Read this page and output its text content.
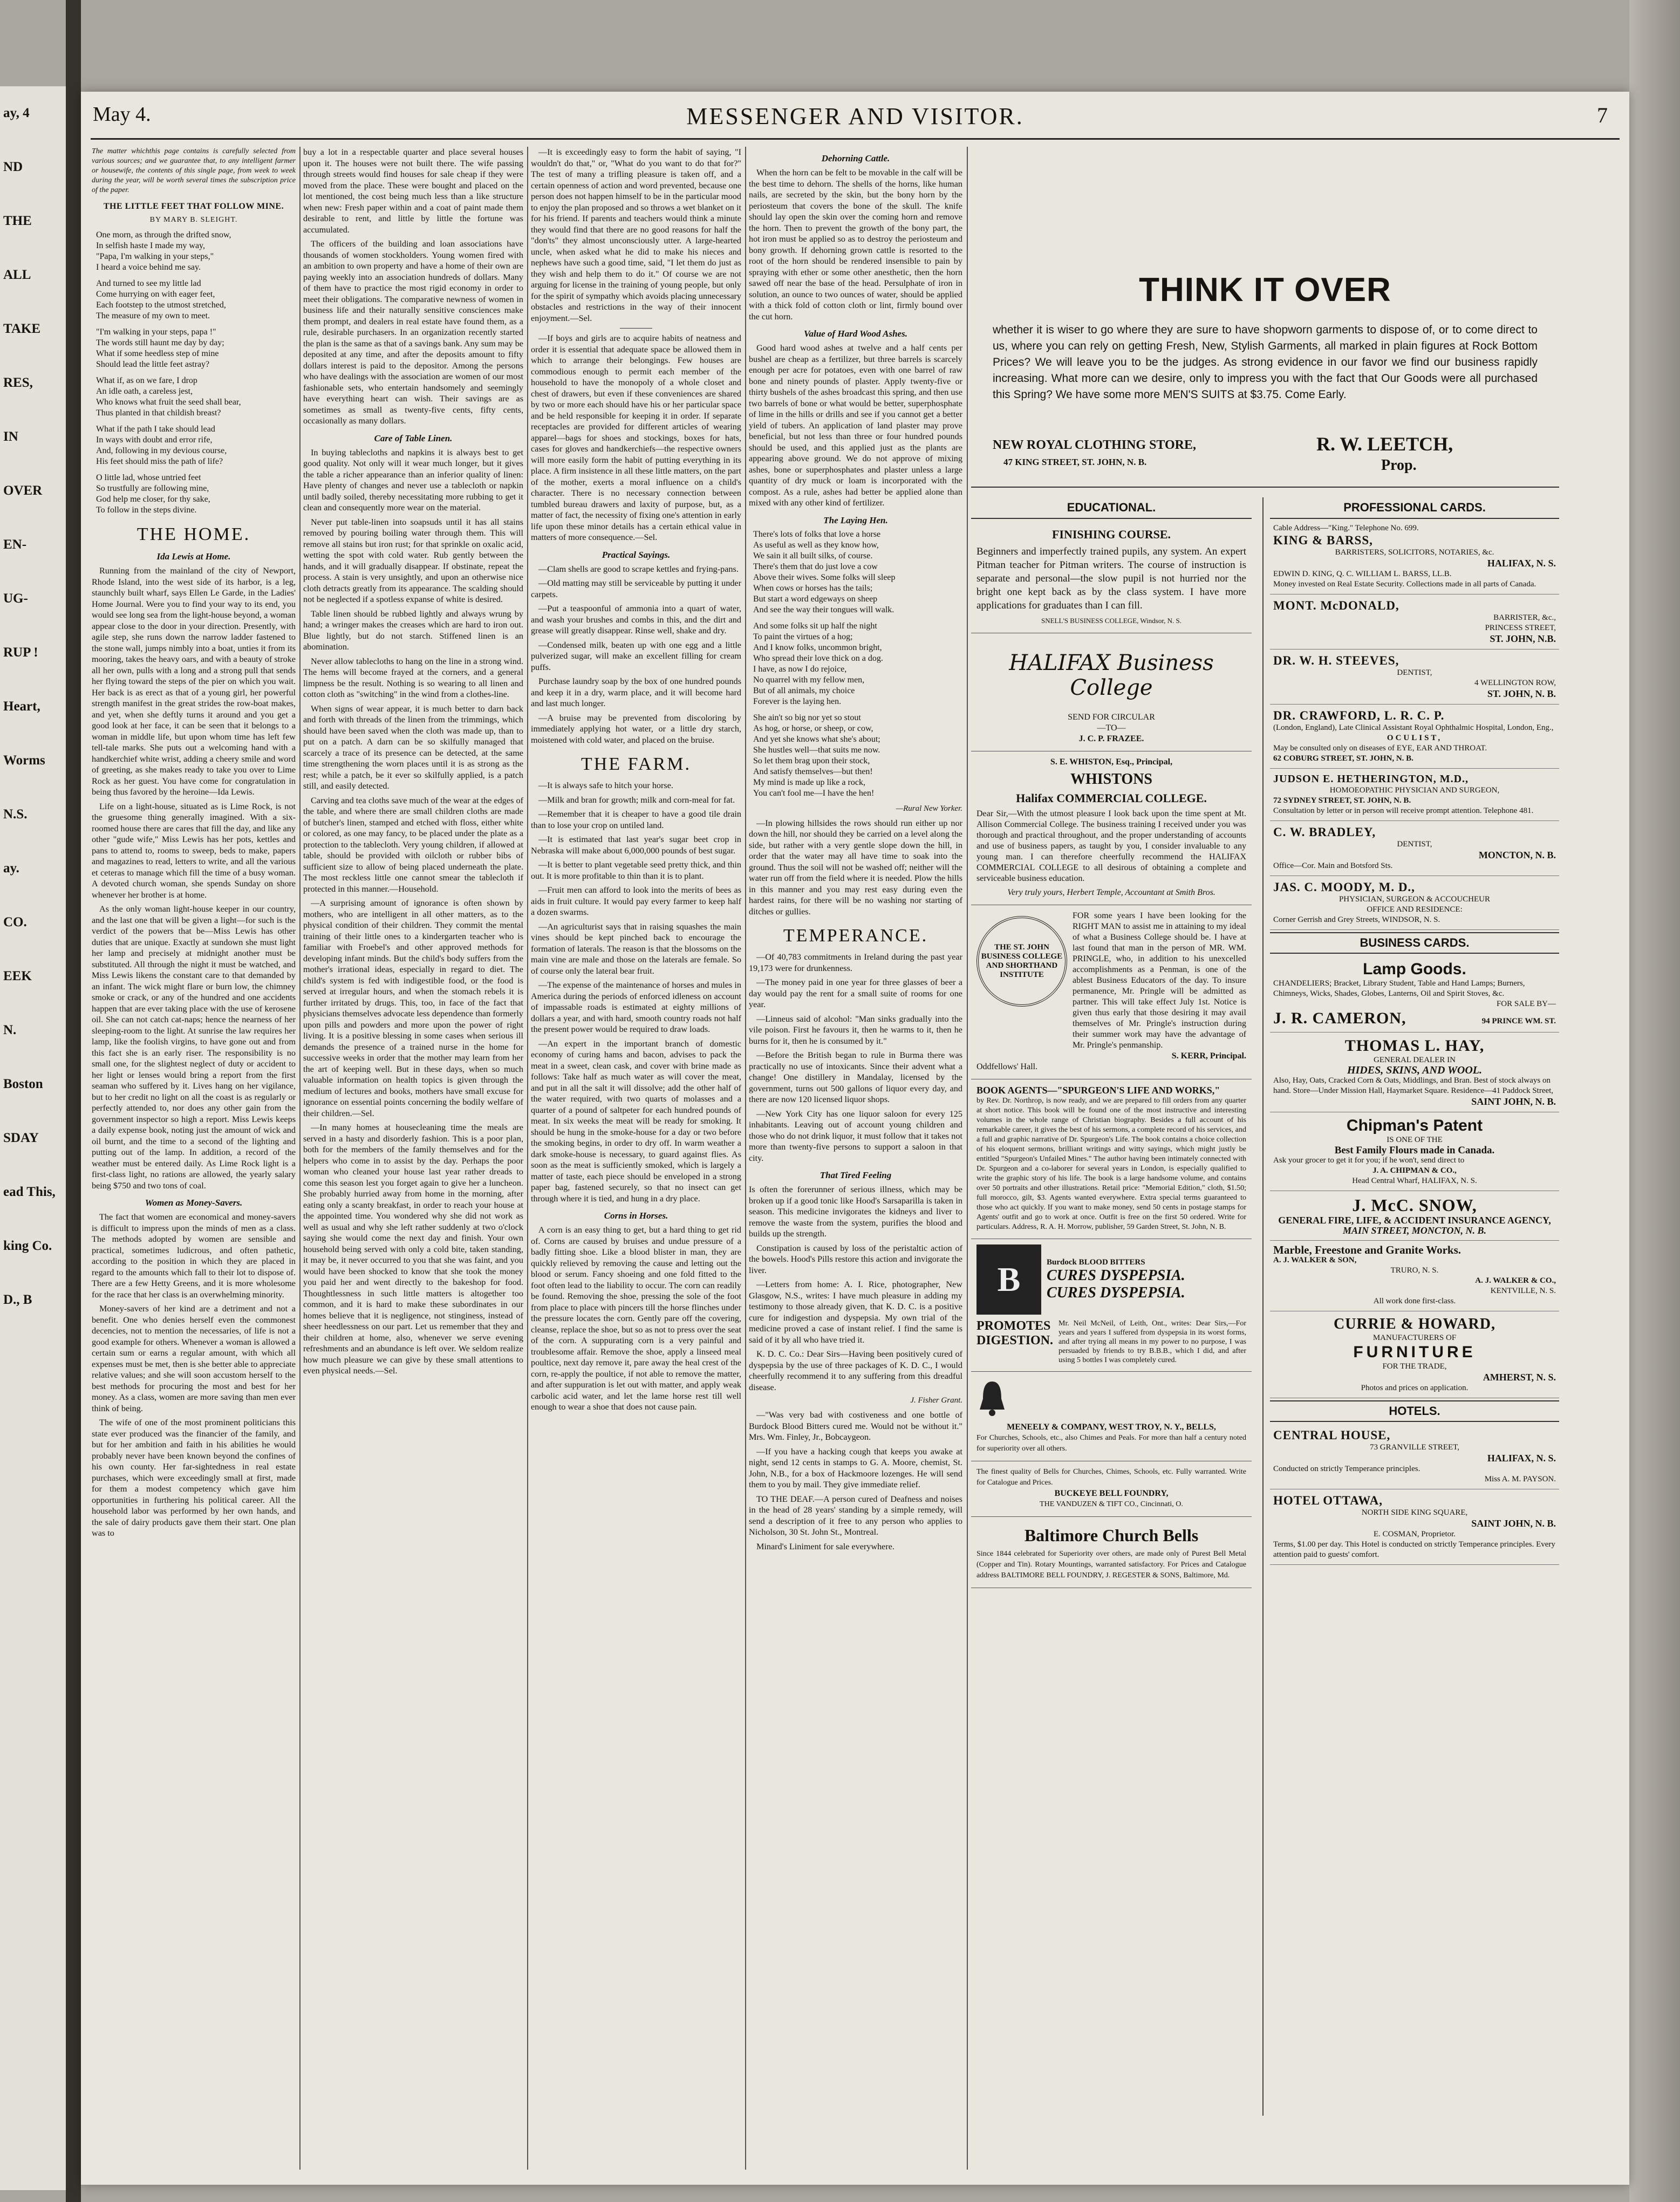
ay, 4
ND
THE
ALL
TAKE
RES,
IN
OVER
EN-
UG-
RUP !
Heart,
Worms
N.S.
ay.
CO.
EEK
N.
Boston
SDAY
ead This,
king Co.
D., B
May 4.	MESSENGER AND VISITOR.	7
The matter whichthis page contains is carefully selected from various sources; and we guarantee that, to any intelligent farmer or housewife, the contents of this single page, from week to week during the year, will be worth several times the subscription price of the paper.
THE LITTLE FEET THAT FOLLOW MINE.
BY MARY B. SLEIGHT.
One morn, as through the drifted snow,
In selfish haste I made my way,
"Papa, I'm walking in your steps,"
I heard a voice behind me say.
And turned to see my little lad
Come hurrying on with eager feet,
Each footstep to the utmost stretched,
The measure of my own to meet.
"I'm walking in your steps, papa !"
The words still haunt me day by day;
What if some heedless step of mine
Should lead the little feet astray?
What if, as on we fare, I drop
An idle oath, a careless jest,
Who knows what fruit the seed shall bear,
Thus planted in that childish breast?
What if the path I take should lead
In ways with doubt and error rife,
And, following in my devious course,
His feet should miss the path of life?
O little lad, whose untried feet
So trustfully are following mine,
God help me closer, for thy sake,
To follow in the steps divine.
THE HOME.
Ida Lewis at Home.

Running from the mainland of the city of Newport, Rhode Island, into the west side of its harbor, is a leg, staunchly built wharf, says Ellen Le Garde, in the Ladies' Home Journal. Were you to find your way to its end, you would see long sea from the light-house beyond, a woman appear close to the door in your direction. Presently, with agile step, she runs down the narrow ladder fastened to the stone wall, jumps nimbly into a boat, unties it from its mooring, takes the heavy oars, and with a beauty of stroke all her own, pulls with a long and a strong pull that sends her flying toward the steps of the pier on which you wait. Her back is as erect as that of a young girl, her powerful strength manifest in the great strides the row-boat makes, and yet, when she deftly turns it around and you get a good look at her face, it can be seen that it belongs to a woman in middle life, but upon whom time has left few tell-tale marks. She puts out a welcoming hand with a handkerchief white wrist, adding a cheery smile and word of greeting, as she makes ready to take you over to Lime Rock as her guest. You have come for congratulation in being thus favored by the heroine—Ida Lewis.

Life on a light-house, situated as is Lime Rock, is not the gruesome thing generally imagined. With a six-roomed house there are cares that fill the day, and like any other "gude wife," Miss Lewis has her pots, kettles and pans to attend to, rooms to sweep, beds to make, papers and magazines to read, letters to write, and all the various et ceteras to manage which fill the time of a busy woman. A devoted church woman, she spends Sunday on shore whenever her brother is at home.

As the only woman light-house keeper in our country, and the last one that will be given a light—for such is the verdict of the powers that be—Miss Lewis has other duties that are unique. Exactly at sundown she must light her lamp and precisely at midnight another must be substituted. All through the night it must be watched, and Miss Lewis likens the constant care to that demanded by an infant. The wick might flare or burn low, the chimney smoke or crack, or any of the hundred and one accidents happen that are ever taking place with the use of kerosene oil. She can not catch cat-naps; hence the nearness of her sleeping-room to the light. At sunrise the law requires her lamp, like the foolish virgins, to have gone out and from this fact she is an early riser. The responsibility is no small one, for the slightest neglect of duty or accident to her light or lenses would bring a report from the first seaman who suffered by it. Lives hang on her vigilance, but to her credit no light on all the coast is as regularly or perfectly attended to, nor does any other gain from the government inspector so high a report. Miss Lewis keeps a daily expense book, noting just the amount of wick and oil burnt, and the time to a second of the lighting and putting out of the lamp. In addition, a record of the weather must be entered daily. As Lime Rock light is a first-class light, no rations are allowed, the yearly salary being $750 and two tons of coal.

Women as Money-Savers.

The fact that women are economical and money-savers is difficult to impress upon the minds of men as a class. The methods adopted by women are sensible and practical, sometimes ludicrous, and often pathetic, according to the position in which they are placed in regard to the amounts which fall to their lot to dispose of. There are a few Hetty Greens, and it is more wholesome for the race that her class is an overwhelming minority.

Money-savers of her kind are a detriment and not a benefit. One who denies herself even the commonest decencies, not to mention the necessaries, of life is not a good example for others. Whenever a woman is allowed a certain sum or earns a regular amount, with which all expenses must be met, then is she better able to appreciate relative values; and she will soon accustom herself to the best methods for procuring the most and best for her money. As a class, women are more saving than men ever think of being.

The wife of one of the most prominent politicians this state ever produced was the financier of the family, and but for her ambition and faith in his abilities he would probably never have been known beyond the confines of his own county. Her far-sightedness in real estate purchases, which were exceedingly small at first, made for them a modest competency which gave him opportunities in furthering his political career. All the household labor was performed by her own hands, and the sale of dairy products gave them their start. One plan was to

buy a lot in a respectable quarter and place several houses upon it. The houses were not built there. The wife passing through streets would find houses for sale cheap if they were moved from the place. These were bought and placed on the lot mentioned, the cost being much less than a like structure when new: Fresh paper within and a coat of paint made them desirable to rent, and little by little the fortune was accumulated.

The officers of the building and loan associations have thousands of women stockholders. Young women fired with an ambition to own property and have a home of their own are paying weekly into an association hundreds of dollars. Many of them have to practice the most rigid economy in order to meet their obligations. The comparative newness of women in business life and their naturally sensitive consciences make them prompt, and dealers in real estate have found them, as a rule, desirable purchasers. In an organization recently started the plan is the same as that of a savings bank. Any sum may be deposited at any time, and after the deposits amount to fifty dollars interest is paid to the depositor. Among the persons who have dealings with the association are women of our most fashionable sets, who entertain handsomely and seemingly have everything heart can wish. Their savings are as sometimes as small as twenty-five cents, fifty cents, occasionally as many dollars.

Care of Table Linen.

In buying tablecloths and napkins it is always best to get good quality. Not only will it wear much longer, but it gives the table a richer appearance than an inferior quality of linen: Have plenty of changes and never use a tablecloth or napkin until badly soiled, thereby necessitating more rubbing to get it clean and consequently more wear on the material.

Never put table-linen into soapsuds until it has all stains removed by pouring boiling water through them. This will remove all stains but iron rust; for that sprinkle on oxalic acid, wetting the spot with cold water. Rub gently between the hands, and it will gradually disappear. If obstinate, repeat the process. A stain is very unsightly, and upon an otherwise nice cloth detracts greatly from its appearance. The scalding should not be neglected if a spotless expanse of white is desired.

Table linen should be rubbed lightly and always wrung by hand; a wringer makes the creases which are hard to iron out. Blue lightly, but do not starch. Stiffened linen is an abomination.

Never allow tablecloths to hang on the line in a strong wind. The hems will become frayed at the corners, and a general limpness be the result. Nothing is so wearing to all linen and cotton cloth as "switching" in the wind from a clothes-line.

When signs of wear appear, it is much better to darn back and forth with threads of the linen from the trimmings, which should have been saved when the cloth was made up, than to put on a patch. A darn can be so skilfully managed that scarcely a trace of its presence can be detected, at the same time strengthening the worn places until it is as strong as the rest; while a patch, be it ever so skilfully applied, is a patch still, and easily detected.

Carving and tea cloths save much of the wear at the edges of the table, and where there are small children cloths are made of butcher's linen, stamped and etched with floss, either white or colored, as one may fancy, to be placed under the plate as a protection to the tablecloth. Very young children, if allowed at table, should be provided with oilcloth or rubber bibs of sufficient size to allow of being placed underneath the plate. The most reckless little one cannot smear the tablecloth if protected in this manner.—Household.

—A surprising amount of ignorance is often shown by mothers, who are intelligent in all other matters, as to the physical condition of their children. They commit the mental training of their little ones to a kindergarten teacher who is familiar with Froebel's and other approved methods for developing infant minds. But the child's body suffers from the mother's irrational ideas, especially in regard to diet. The child's system is fed with indigestible food, or the food is served at irregular hours, and when the stomach rebels it is further irritated by drugs. This, too, in face of the fact that physicians themselves advocate less dependence than formerly upon pills and powders and more upon the power of right living. It is a positive blessing in some cases when serious ill demands the presence of a trained nurse in the home for successive weeks in order that the mother may learn from her the art of keeping well. But in these days, when so much valuable information on health topics is given through the medium of lectures and books, mothers have small excuse for ignorance on essential points concerning the bodily welfare of their children.—Sel.

—In many homes at housecleaning time the meals are served in a hasty and disorderly fashion. This is a poor plan, both for the members of the family themselves and for the helpers who come in to assist by the day. Perhaps the poor woman who cleaned your house last year rather dreads to come this season lest you forget again to give her a luncheon. She probably hurried away from home in the morning, after eating only a scanty breakfast, in order to reach your house at the appointed time. You wondered why she did not work as well as usual and why she left rather suddenly at two o'clock saying she would come the next day and finish. Your own household being served with only a cold bite, taken standing, it may be, it never occurred to you that she was faint, and you would have been shocked to know that she took the money you paid her and went directly to the bakeshop for food. Thoughtlessness in such little matters is altogether too common, and it is hard to make these subordinates in our homes believe that it is negligence, not stinginess, instead of sheer heedlessness on our part. Let us remember that they and their children at home, also, whenever we serve evening refreshments and an abundance is left over. We seldom realize how much pleasure we can give by these small attentions to even physical needs.—Sel.

—It is exceedingly easy to form the habit of saying, "I wouldn't do that," or, "What do you want to do that for?" The test of many a trifling pleasure is taken off, and a certain openness of action and word prevented, because one person does not happen himself to be in the particular mood to enjoy the plan proposed and so throws a wet blanket on it for his friend. If parents and teachers would think a minute they would find that there are no good reasons for half the "don'ts" they almost unconsciously utter. A large-hearted uncle, when asked what he did to make his nieces and nephews have such a good time, said, "I let them do just as they wish and help them to do it." Of course we are not arguing for license in the training of young people, but only for the spirit of sympathy which avoids placing unnecessary obstacles and restrictions in the way of their innocent enjoyment.—Sel.

—If boys and girls are to acquire habits of neatness and order it is essential that adequate space be allowed them in which to arrange their belongings. Few houses are commodious enough to permit each member of the household to have the monopoly of a whole closet and chest of drawers, but even if these conveniences are shared by two or more each should have his or her particular space and be held responsible for keeping it in order. If separate receptacles are provided for different articles of wearing apparel—bags for shoes and stockings, boxes for hats, cases for gloves and handkerchiefs—the respective owners will more easily form the habit of putting everything in its place. A firm insistence in all these little matters, on the part of the mother, exerts a moral influence on a child's character. There is no necessary connection between tumbled bureau drawers and laxity of purpose, but, as a matter of fact, the necessity of fixing one's attention in early life upon these minor details has a certain ethical value in matters of more consequence.—Sel.

Practical Sayings.

—Clam shells are good to scrape kettles and frying-pans.

—Old matting may still be serviceable by putting it under carpets.

—Put a teaspoonful of ammonia into a quart of water, and wash your brushes and combs in this, and the dirt and grease will greatly disappear. Rinse well, shake and dry.

—Condensed milk, beaten up with one egg and a little pulverized sugar, will make an excellent filling for cream puffs.

Purchase laundry soap by the box of one hundred pounds and keep it in a dry, warm place, and it will become hard and last much longer.

—A bruise may be prevented from discoloring by immediately applying hot water, or a little dry starch, moistened with cold water, and placed on the bruise.

THE FARM.

—It is always safe to hitch your horse.

—Milk and bran for growth; milk and corn-meal for fat.

—Remember that it is cheaper to have a good tile drain than to lose your crop on untiled land.

—It is estimated that last year's sugar beet crop in Nebraska will make about 6,000,000 pounds of best sugar.

—It is better to plant vegetable seed pretty thick, and thin out. It is more profitable to thin than it is to plant.

—Fruit men can afford to look into the merits of bees as aids in fruit culture. It would pay every farmer to keep half a dozen swarms.

—An agriculturist says that in raising squashes the main vines should be kept pinched back to encourage the formation of laterals. The reason is that the blossoms on the main vine are male and those on the laterals are female. So of course only the lateral bear fruit.

—The expense of the maintenance of horses and mules in America during the periods of enforced idleness on account of impassable roads is estimated at eighty millions of dollars a year, and with hard, smooth country roads not half the present power would be required to draw loads.

—An expert in the important branch of domestic economy of curing hams and bacon, advises to pack the meat in a sweet, clean cask, and cover with brine made as follows: Take half as much water as will cover the meat, and put in all the salt it will dissolve; add the other half of the water required, with two quarts of molasses and a quarter of a pound of saltpeter for each hundred pounds of meat. In six weeks the meat will be ready for smoking. It should be hung in the smoke-house for a day or two before the smoking begins, in order to dry off. In warm weather a dark smoke-house is necessary, to guard against flies. As soon as the meat is sufficiently smoked, which is largely a matter of taste, each piece should be enveloped in a strong paper bag, fastened securely, so that no insect can get through where it is tied, and hung in a dry place.

Corns in Horses.

A corn is an easy thing to get, but a hard thing to get rid of. Corns are caused by bruises and undue pressure of a badly fitting shoe. Like a blood blister in man, they are quickly relieved by removing the cause and letting out the blood or serum. Fancy shoeing and one fold fitted to the foot often lead to the liability to occur. The corn can readily be found. Removing the shoe, pressing the sole of the foot from place to place with pincers till the horse flinches under the pressure locates the corn. Gently pare off the covering, cleanse, replace the shoe, but so as not to press over the seat of the corn. A suppurating corn is a very painful and troublesome affair. Remove the shoe, apply a linseed meal poultice, next day remove it, pare away the heal crest of the corn, re-apply the poultice, if not able to remove the matter, and after suppuration is let out with matter, and apply weak carbolic acid water, and let the lame horse rest till well enough to wear a shoe that does not cause pain.

Dehorning Cattle.

When the horn can be felt to be movable in the calf will be the best time to dehorn. The shells of the horns, like human nails, are secreted by the skin, but the bony horn by the periosteum that covers the bone of the skull. The knife should lay open the skin over the coming horn and remove the horn. Then to prevent the growth of the bony part, the hot iron must be applied so as to destroy the periosteum and bony growth. If dehorning grown cattle is resorted to the root of the horn should be rendered insensible to pain by spraying with ether or some other anesthetic, then the horn sawed off near the base of the head. Persulphate of iron in solution, an ounce to two ounces of water, should be applied with a thick fold of cotton cloth or lint, firmly bound over the cut horn.

Value of Hard Wood Ashes.

Good hard wood ashes at twelve and a half cents per bushel are cheap as a fertilizer, but three barrels is scarcely enough per acre for potatoes, even with one barrel of raw bone and ninety pounds of plaster. Apply twenty-five or thirty bushels of the ashes broadcast this spring, and then use two barrels of bone or what would be better, superphosphate of lime in the hills or drills and see if you cannot get a better yield of tubers. An application of land plaster may prove beneficial, but not less than three or four hundred pounds should be used, and this applied just as the plants are appearing above ground. We do not approve of mixing ashes, bone or superphosphates and plaster unless a large quantity of dry muck or loam is incorporated with the compost. As a rule, ashes had better be applied alone than mixed with any other kind of fertilizer.

The Laying Hen.
There's lots of folks that love a horse
As useful as well as they know how,
We sain it all built silks, of course.
There's them that do just love a cow
Above their wives. Some folks will sleep
When cows or horses has the tails;
But start a word edgeways on sheep
And see the way their tongues will walk.
And some folks sit up half the night
To paint the virtues of a hog;
And I know folks, uncommon bright,
Who spread their love thick on a dog.
I have, as now I do rejoice,
No quarrel with my fellow men,
But of all animals, my choice
Forever is the laying hen.
She ain't so big nor yet so stout
As hog, or horse, or sheep, or cow,
And yet she knows what she's about;
She hustles well—that suits me now.
So let them brag upon their stock,
And satisfy themselves—but then!
My mind is made up like a rock,
You can't fool me—I have the hen!
—Rural New Yorker.

—In plowing hillsides the rows should run either up nor down the hill, nor should they be carried on a level along the side, but rather with a very gentle slope down the hill, in order that the water may all have time to soak into the ground. Thus the soil will not be washed off; neither will the water run off from the field where it is needed. Plow the hills in this manner and you may rest easy during even the hardest rains, for there will be no washing nor starting of ditches or gullies.

TEMPERANCE.

—Of 40,783 commitments in Ireland during the past year 19,173 were for drunkenness.

—The money paid in one year for three glasses of beer a day would pay the rent for a small suite of rooms for one year.

—Linneus said of alcohol: "Man sinks gradually into the vile poison. First he favours it, then he warms to it, then he burns for it, then he is consumed by it."

—Before the British began to rule in Burma there was practically no use of intoxicants. Since their advent what a change! One distillery in Mandalay, licensed by the government, turns out 500 gallons of liquor every day, and there are now 120 licensed liquor shops.

—New York City has one liquor saloon for every 125 inhabitants. Leaving out of account young children and those who do not drink liquor, it must follow that it takes not more than twenty-five persons to support a saloon in that city.

That Tired Feeling

Is often the forerunner of serious illness, which may be broken up if a good tonic like Hood's Sarsaparilla is taken in season. This medicine invigorates the kidneys and liver to remove the waste from the system, purifies the blood and builds up the strength.

Constipation is caused by loss of the peristaltic action of the bowels. Hood's Pills restore this action and invigorate the liver.

—Letters from home: A. I. Rice, photographer, New Glasgow, N.S., writes: I have much pleasure in adding my testimony to those already given, that K. D. C. is a positive cure for indigestion and dyspepsia. My own trial of the medicine proved a case of instant relief. I find the same is said of it by all who have tried it.

K. D. C. Co.: Dear Sirs—Having been positively cured of dyspepsia by the use of three packages of K. D. C., I would cheerfully recommend it to any suffering from this dreadful disease.

J. Fisher Grant.

—"Was very bad with costiveness and one bottle of Burdock Blood Bitters cured me. Would not be without it." Mrs. Wm. Finley, Jr., Bobcaygeon.

—If you have a hacking cough that keeps you awake at night, send 12 cents in stamps to G. A. Moore, chemist, St. John, N.B., for a box of Hackmoore lozenges. He will send them to you by mail. They give immediate relief.

TO THE DEAF.—A person cured of Deafness and noises in the head of 28 years' standing by a simple remedy, will send a description of it free to any person who applies to Nicholson, 30 St. John St., Montreal.

Minard's Liniment for sale everywhere.

THINK IT OVER
whether it is wiser to go where they are sure to have shopworn garments to dispose of, or to come direct to us, where you can rely on getting Fresh, New, Stylish Garments, all marked in plain figures at Rock Bottom Prices? We will leave you to be the judges. As strong evidence in our favor we find our business rapidly increasing. What more can we desire, only to impress you with the fact that Our Goods were all purchased this Spring? We have some more MEN'S SUITS at $3.75. Come Early.
NEW ROYAL CLOTHING STORE,
47 KING STREET, ST. JOHN, N. B.
R. W. LEETCH,
Prop.
EDUCATIONAL.
FINISHING COURSE.
Beginners and imperfectly trained pupils, any system. An expert Pitman teacher for Pitman writers. The course of instruction is separate and personal—the slow pupil is not hurried nor the bright one kept back as by the class system. I have more applications for graduates than I can fill.
SNELL'S BUSINESS COLLEGE, Windsor, N. S.
HALIFAX Business College
SEND FOR CIRCULAR
—TO—
J. C. P. FRAZEE.
S. E. WHISTON, Esq., Principal,
WHISTONS
Halifax COMMERCIAL COLLEGE.
Dear Sir,—With the utmost pleasure I look back upon the time spent at Mt. Allison Commercial College. The business training I received under you was thorough and practical throughout, and the proper understanding of accounts and use of business papers, as taught by you, I consider invaluable to any young man. I can therefore cheerfully recommend the HALIFAX COMMERCIAL COLLEGE to all desirous of obtaining a complete and serviceable business education.
Very truly yours, Herbert Temple, Accountant at Smith Bros.
THE ST. JOHN BUSINESS COLLEGE AND SHORTHAND INSTITUTE
FOR some years I have been looking for the RIGHT MAN to assist me in attaining to my ideal of what a Business College should be. I have at last found that man in the person of MR. WM. PRINGLE, who, in addition to his unexcelled accomplishments as a Penman, is one of the ablest Business Educators of the day. To insure permanence, Mr. Pringle will be admitted as partner. This will take effect July 1st. Notice is given thus early that those desiring it may avail themselves of Mr. Pringle's instruction during their summer work may have the advantage of Mr. Pringle's penmanship.
S. KERR, Principal.
Oddfellows' Hall.
BOOK AGENTS—"SPURGEON'S LIFE AND WORKS,"
by Rev. Dr. Northrop, is now ready, and we are prepared to fill orders from any quarter at short notice. This book will be found one of the most instructive and interesting volumes in the whole range of Christian biography. Besides a full account of his remarkable career, it gives the best of his sermons, a complete record of his services, and a full and graphic narrative of Dr. Spurgeon's Life. The book contains a choice collection of his eloquent sermons, brilliant writings and witty sayings, which might justly be entitled "Spurgeon's Unfailed Mines." The author having been intimately connected with Dr. Spurgeon and a co-laborer for several years in London, is especially qualified to write the graphic story of his life. The book is a large handsome volume, and contains over 50 portraits and other illustrations. Retail price: "Memorial Edition," cloth, $1.50; full morocco, gilt, $3. Agents wanted everywhere. Extra special terms guaranteed to those who act quickly. If you want to make money, send 50 cents in postage stamps for Agents' outfit and go to work at once. Outfit is free on the first 50 ordered. Write for particulars. Address, R. A. H. Morrow, publisher, 59 Garden Street, St. John, N. B.
B	Burdock BLOOD BITTERS
CURES DYSPEPSIA.
CURES DYSPEPSIA.
PROMOTES
DIGESTION.
Mr. Neil McNeil, of Leith, Ont., writes: Dear Sirs,—For years and years I suffered from dyspepsia in its worst forms, and after trying all means in my power to no purpose, I was persuaded by friends to try B.B.B., which I did, and after using 5 bottles I was completely cured.
MENEELY & COMPANY, WEST TROY, N. Y., BELLS,
For Churches, Schools, etc., also Chimes and Peals. For more than half a century noted for superiority over all others.
The finest quality of Bells for Churches, Chimes, Schools, etc. Fully warranted. Write for Catalogue and Prices.
BUCKEYE BELL FOUNDRY,
THE VANDUZEN & TIFT CO., Cincinnati, O.
Baltimore Church Bells
Since 1844 celebrated for Superiority over others, are made only of Purest Bell Metal (Copper and Tin). Rotary Mountings, warranted satisfactory. For Prices and Catalogue address BALTIMORE BELL FOUNDRY, J. REGESTER & SONS, Baltimore, Md.
PROFESSIONAL CARDS.
Cable Address—"King." Telephone No. 699.
KING & BARSS,
BARRISTERS, SOLICITORS, NOTARIES, &c.
HALIFAX, N. S.
EDWIN D. KING, Q. C. WILLIAM L. BARSS, LL.B.
Money invested on Real Estate Security. Collections made in all parts of Canada.
MONT. McDONALD,
BARRISTER, &c.,
PRINCESS STREET,
ST. JOHN, N.B.
DR. W. H. STEEVES,
DENTIST,
4 WELLINGTON ROW,
ST. JOHN, N. B.
DR. CRAWFORD, L. R. C. P.
(London, England), Late Clinical Assistant Royal Ophthalmic Hospital, London, Eng.,
OCULIST,
May be consulted only on diseases of EYE, EAR AND THROAT.
62 COBURG STREET, ST. JOHN, N. B.
JUDSON E. HETHERINGTON, M.D.,
HOMOEOPATHIC PHYSICIAN AND SURGEON,
72 SYDNEY STREET, ST. JOHN, N. B.
Consultation by letter or in person will receive prompt attention. Telephone 481.
C. W. BRADLEY,
DENTIST,
MONCTON, N. B.
Office—Cor. Main and Botsford Sts.
JAS. C. MOODY, M. D.,
PHYSICIAN, SURGEON & ACCOUCHEUR
OFFICE AND RESIDENCE:
Corner Gerrish and Grey Streets, WINDSOR, N. S.
BUSINESS CARDS.
Lamp Goods.
CHANDELIERS; Bracket, Library Student, Table and Hand Lamps; Burners, Chimneys, Wicks, Shades, Globes, Lanterns, Oil and Spirit Stoves, &c.
FOR SALE BY—
J. R. CAMERON,	94 PRINCE WM. ST.
THOMAS L. HAY,
GENERAL DEALER IN
HIDES, SKINS, AND WOOL.
Also, Hay, Oats, Cracked Corn & Oats, Middlings, and Bran. Best of stock always on hand. Store—Under Mission Hall, Haymarket Square. Residence—41 Paddock Street,
SAINT JOHN, N. B.
Chipman's Patent
IS ONE OF THE
Best Family Flours made in Canada.
Ask your grocer to get it for you; if he won't, send direct to
J. A. CHIPMAN & CO.,
Head Central Wharf, HALIFAX, N. S.
J. McC. SNOW,
GENERAL FIRE, LIFE, & ACCIDENT INSURANCE AGENCY,
MAIN STREET, MONCTON, N. B.
Marble, Freestone and Granite Works.
A. J. WALKER & SON,
TRURO, N. S.
A. J. WALKER & CO.,
KENTVILLE, N. S.
All work done first-class.
CURRIE & HOWARD,
MANUFACTURERS OF
FURNITURE
FOR THE TRADE,
AMHERST, N. S.
Photos and prices on application.
HOTELS.
CENTRAL HOUSE,
73 GRANVILLE STREET,
HALIFAX, N. S.
Conducted on strictly Temperance principles.
Miss A. M. PAYSON.
HOTEL OTTAWA,
NORTH SIDE KING SQUARE,
SAINT JOHN, N. B.
E. COSMAN, Proprietor.
Terms, $1.00 per day. This Hotel is conducted on strictly Temperance principles. Every attention paid to guests' comfort.
